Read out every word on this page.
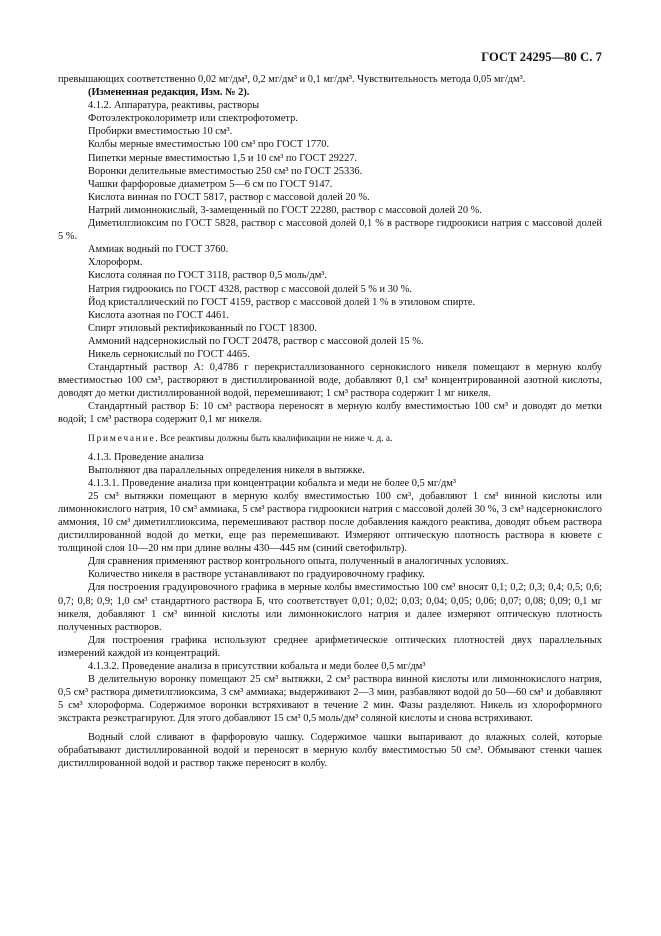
ГОСТ 24295—80 С. 7

превышающих соответственно 0,02 мг/дм³, 0,2 мг/дм³ и 0,1 мг/дм³. Чувствительность метода 0,05 мг/дм³.

(Измененная редакция, Изм. № 2).

4.1.2. Аппаратура, реактивы, растворы

Фотоэлектроколориметр или спектрофотометр.

Пробирки вместимостью 10 см³.

Колбы мерные вместимостью 100 см³ про ГОСТ 1770.

Пипетки мерные вместимостью 1,5 и 10 см³ по ГОСТ 29227.

Воронки делительные вместимостью 250 см³ по ГОСТ 25336.

Чашки фарфоровые диаметром 5—6 см по ГОСТ 9147.

Кислота винная по ГОСТ 5817, раствор с массовой долей 20 %.

Натрий лимоннокислый, 3-замещенный по ГОСТ 22280, раствор с массовой долей 20 %.

Диметилглиоксим по ГОСТ 5828, раствор с массовой долей 0,1 % в растворе гидроокиси натрия с массовой долей 5 %.

Аммиак водный по ГОСТ 3760.

Хлороформ.

Кислота соляная по ГОСТ 3118, раствор 0,5 моль/дм³.

Натрия гидроокись по ГОСТ 4328, раствор с массовой долей 5 % и 30 %.

Йод кристаллический по ГОСТ 4159, раствор с массовой долей 1 % в этиловом спирте.

Кислота азотная по ГОСТ 4461.

Спирт этиловый ректификованный по ГОСТ 18300.

Аммоний надсернокислый по ГОСТ 20478, раствор с массовой долей 15 %.

Никель сернокислый по ГОСТ 4465.

Стандартный раствор А: 0,4786 г перекристаллизованного сернокислого никеля помещают в мерную колбу вместимостью 100 см³, растворяют в дистиллированной воде, добавляют 0,1 см³ концентрированной азотной кислоты, доводят до метки дистиллированной водой, перемешивают; 1 см³ раствора содержит 1 мг никеля.

Стандартный раствор Б: 10 см³ раствора переносят в мерную колбу вместимостью 100 см³ и доводят до метки водой; 1 см³ раствора содержит 0,1 мг никеля.

Примечание. Все реактивы должны быть квалификации не ниже ч. д. а.

4.1.3. Проведение анализа

Выполняют два параллельных определения никеля в вытяжке.

4.1.3.1. Проведение анализа при концентрации кобальта и меди не более 0,5 мг/дм³

25 см³ вытяжки помещают в мерную колбу вместимостью 100 см³, добавляют 1 см³ винной кислоты или лимоннокислого натрия, 10 см³ аммиака, 5 см³ раствора гидроокиси натрия с массовой долей 30 %, 3 см³ надсернокислого аммония, 10 см³ диметилглиоксима, перемешивают раствор после добавления каждого реактива, доводят объем раствора дистиллированной водой до метки, еще раз перемешивают. Измеряют оптическую плотность раствора в кювете с толщиной слоя 10—20 нм при длине волны 430—445 нм (синий светофильтр).

Для сравнения применяют раствор контрольного опыта, полученный в аналогичных условиях.

Количество никеля в растворе устанавливают по градуировочному графику.

Для построения градуировочного графика в мерные колбы вместимостью 100 см³ вносят 0,1; 0,2; 0,3; 0,4; 0,5; 0,6; 0,7; 0,8; 0,9; 1,0 см³ стандартного раствора Б, что соответствует 0,01; 0,02; 0,03; 0,04; 0,05; 0,06; 0,07; 0,08; 0,09; 0,1 мг никеля, добавляют 1 см³ винной кислоты или лимоннокислого натрия и далее измеряют оптическую плотность полученных растворов.

Для построения графика используют среднее арифметическое оптических плотностей двух параллельных измерений каждой из концентраций.

4.1.3.2. Проведение анализа в присутствии кобальта и меди более 0,5 мг/дм³

В делительную воронку помещают 25 см³ вытяжки, 2 см³ раствора винной кислоты или лимоннокислого натрия, 0,5 см³ раствора диметилглиоксима, 3 см³ аммиака; выдерживают 2—3 мин, разбавляют водой до 50—60 см³ и добавляют 5 см³ хлороформа. Содержимое воронки встряхивают в течение 2 мин. Фазы разделяют. Никель из хлороформного экстракта реэкстрагируют. Для этого добавляют 15 см³ 0,5 моль/дм³ соляной кислоты и снова встряхивают.

Водный слой сливают в фарфоровую чашку. Содержимое чашки выпаривают до влажных солей, которые обрабатывают дистиллированной водой и переносят в мерную колбу вместимостью 50 см³. Обмывают стенки чашек дистиллированной водой и раствор также переносят в колбу.
